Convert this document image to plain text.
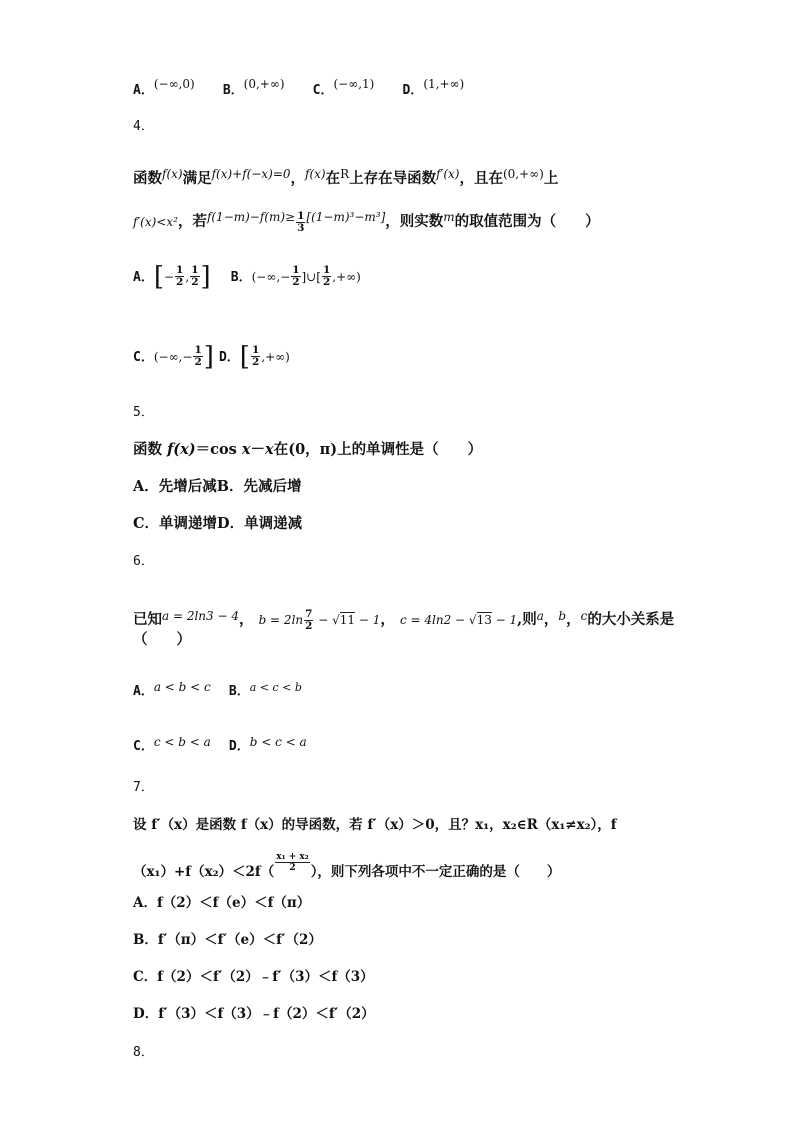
A．$^{(-\infty,0)}$ B．$^{(0,+\infty)}$ C．$^{(-\infty,1)}$ D．$^{(1,+\infty)}$
4．
函数$^{f(x)}$满足$^{f(x)+f(-x)=0}$，$^{f(x)}$在$^R$上存在导函数$^{f'(x)}$，且在$^{(0,+\infty)}$上
f′(x)<x²，若$^{f(1-m)-f(m)\ge} \frac{1}{3} [(1-m)^3-m^3]$，则实数$^m$的取值范围为（　　）
A．[− $\frac{1}{2}$ , $\frac{1}{2}$ ] B．(−∞,− $\frac{1}{2}$ ]∪[ $\frac{1}{2}$ ,+∞)
C．(−∞,− $\frac{1}{2}$ ] D．[ $\frac{1}{2}$ ,+∞)
5．
函数 f(x)＝cos x－x在(0，π)上的单调性是（　　）
A．先增后减B．先减后增
C．单调递增D．单调递减
6．
已知$^{a = 2ln3 - 4}$， $b = 2\ln \frac{7}{2} - √11 - 1$， c = 4ln2 − √13 − 1,则$^a$，$^b$，$^c$的大小关系是
（　　）
A．$^{a < b < c}$ B．$^{a < c < b}$
C．$^{c < b < a}$ D．$^{b < c < a}$
7．
设 f′（x）是函数 f（x）的导函数，若 f′（x）＞0，且？x₁，x₂∈R（x₁≠x₂），f
$(x_1)+f(x_2)<2f( \frac{\text{x₁ + x₂}}{2}$ ），则下列各项中不一定正确的是（　　）
A．f（2）＜f（e）＜f（π）
B．f′（π）＜f′（e）＜f′（2）
C．f（2）＜f′（2）﹣f′（3）＜f（3）
D．f′（3）＜f（3）﹣f（2）＜f′（2）
8．
